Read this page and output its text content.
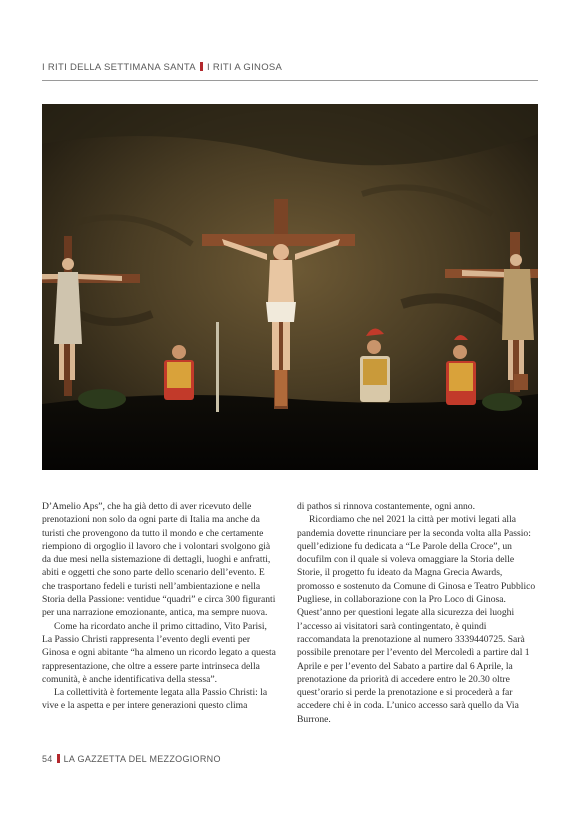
I RITI DELLA SETTIMANA SANTA I RITI A GINOSA

D’Amelio Aps”, che ha già detto di aver ricevuto delle prenotazioni non solo da ogni parte di Italia ma anche da turisti che provengono da tutto il mondo e che certamente riempiono di orgoglio il lavoro che i volontari svolgono già da due mesi nella sistemazione di dettagli, luoghi e anfratti, abiti e oggetti che sono parte dello scenario dell’evento. E che trasportano fedeli e turisti nell’ambientazione e nella Storia della Passione: ventidue “quadri” e circa 300 figuranti per una narrazione emozionante, antica, ma sempre nuova.

Come ha ricordato anche il primo cittadino, Vito Parisi, La Passio Christi rappresenta l’evento degli eventi per Ginosa e ogni abitante “ha almeno un ricordo legato a questa rappresentazione, che oltre a essere parte intrinseca della comunità, è anche identificativa della stessa”.

La collettività è fortemente legata alla Passio Christi: la vive e la aspetta e per intere generazioni questo clima

di pathos si rinnova costantemente, ogni anno.

Ricordiamo che nel 2021 la città per motivi legati alla pandemia dovette rinunciare per la seconda volta alla Passio: quell’edizione fu dedicata a “Le Parole della Croce”, un docufilm con il quale si voleva omaggiare la Storia delle Storie, il progetto fu ideato da Magna Grecia Awards, promosso e sostenuto da Comune di Ginosa e Teatro Pubblico Pugliese, in collaborazione con la Pro Loco di Ginosa. Quest’anno per questioni legate alla sicurezza dei luoghi l’accesso ai visitatori sarà contingentato, è quindi raccomandata la prenotazione al numero 3339440725. Sarà possibile prenotare per l’evento del Mercoledì a partire dal 1 Aprile e per l’evento del Sabato a partire dal 6 Aprile, la prenotazione da priorità di accedere entro le 20.30 oltre quest’orario si perde la prenotazione e si procederà a far accedere chi è in coda. L’unico accesso sarà quello da Via Burrone.

54 LA GAZZETTA DEL MEZZOGIORNO
